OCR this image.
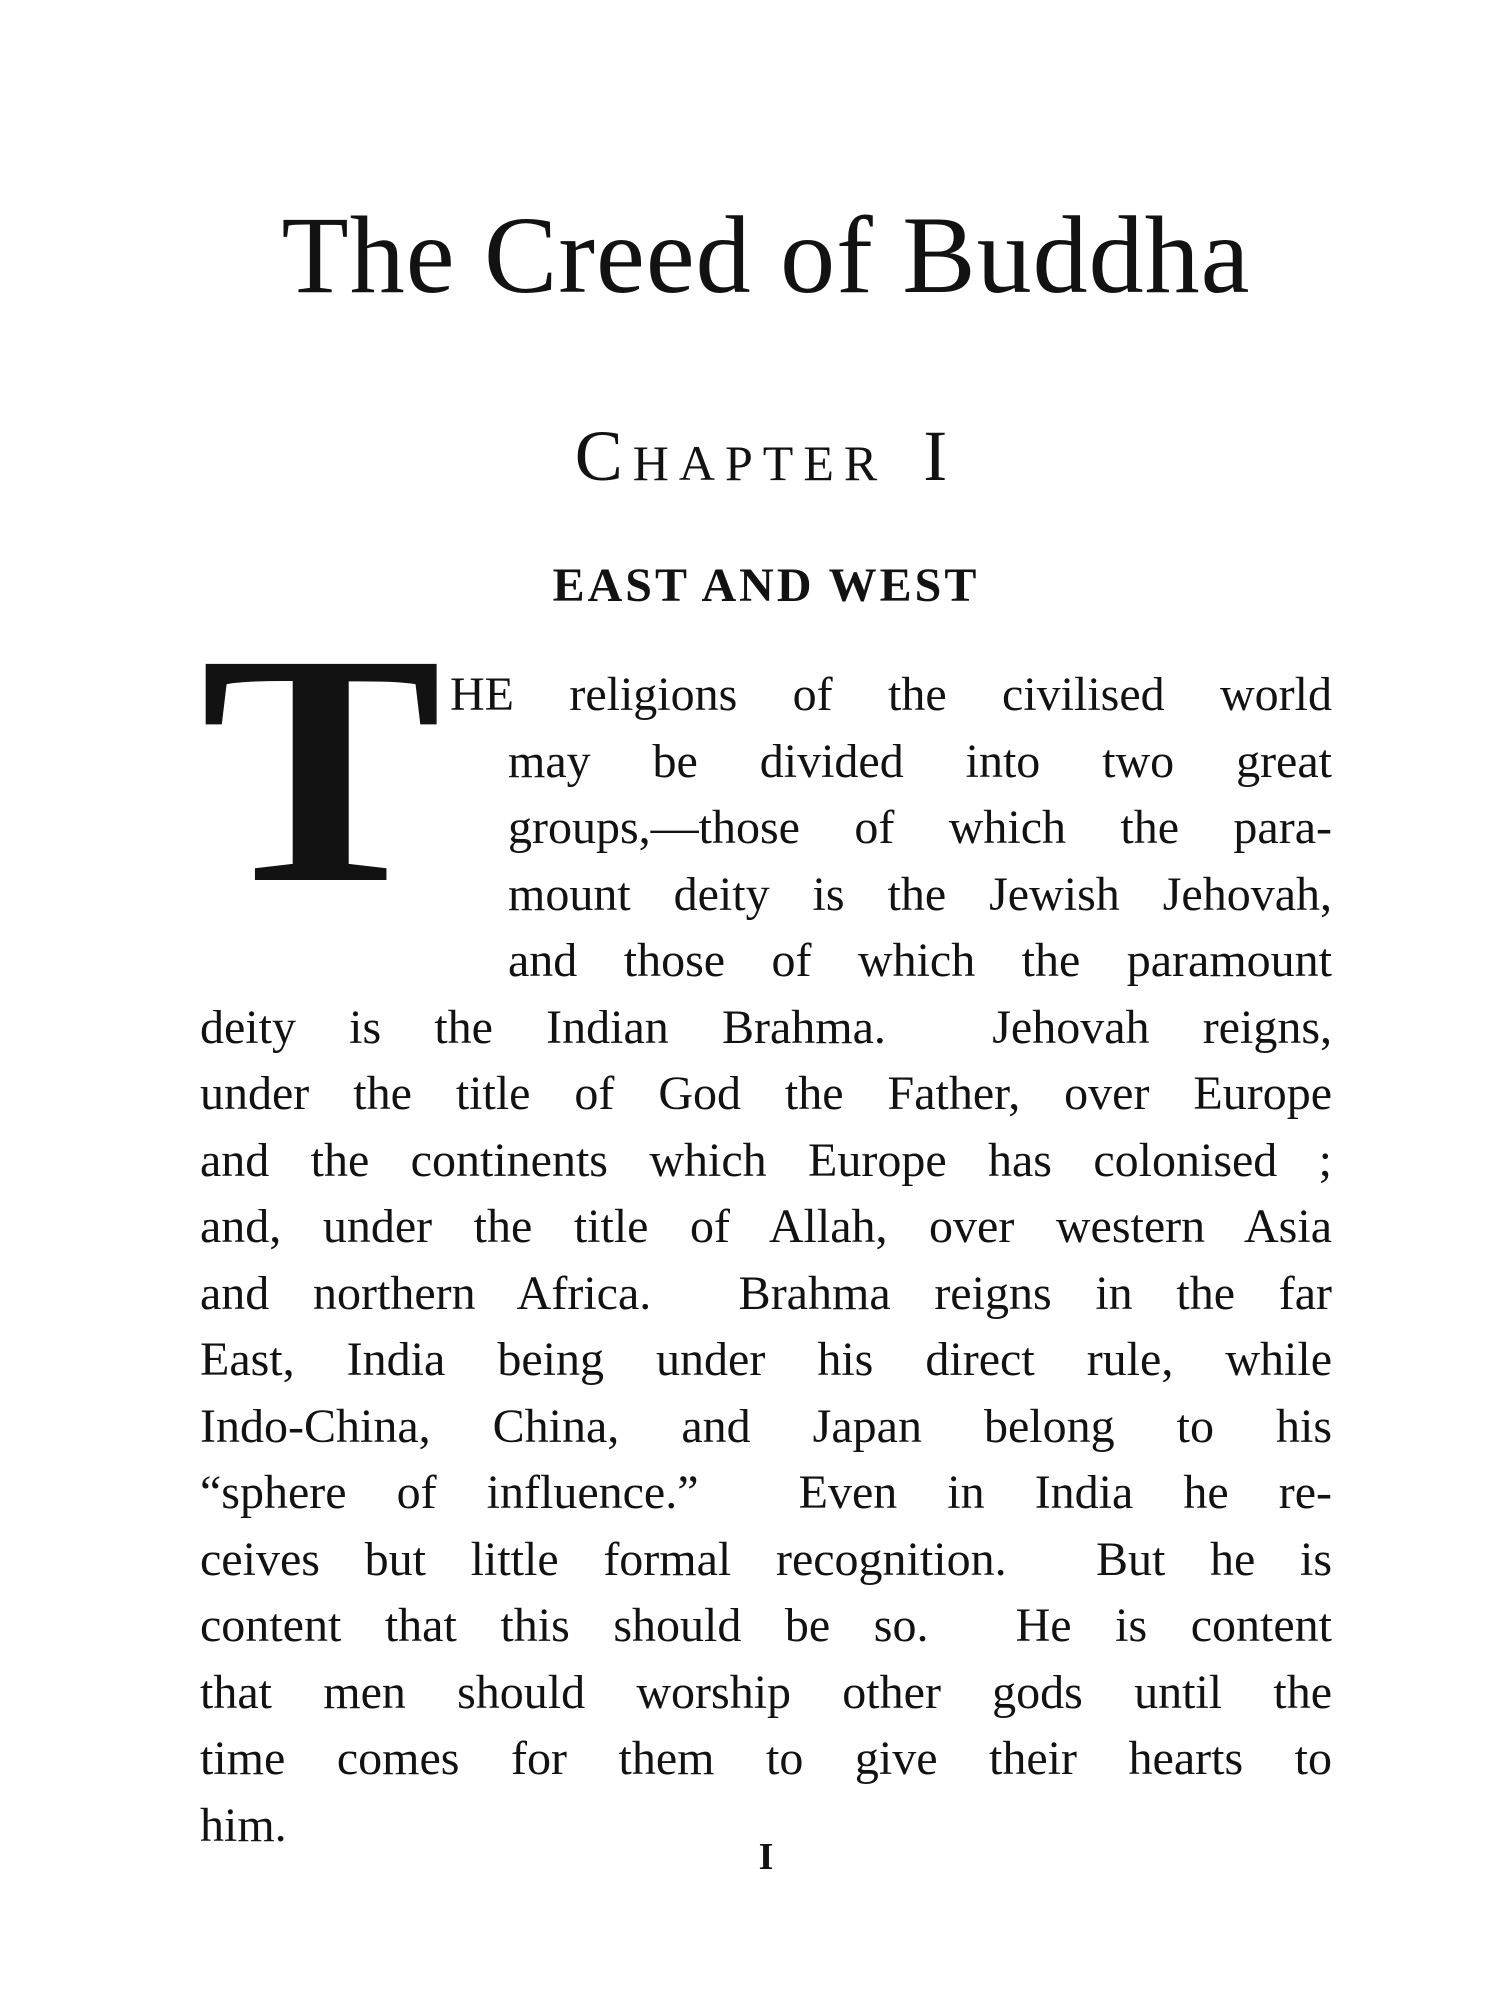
The Creed of Buddha
CHAPTER I
EAST AND WEST
T HE religions of the civilised world
may be divided into two great
groups,—those of which the para-
mount deity is the Jewish Jehovah,
and those of which the paramount
deity is the Indian Brahma.  Jehovah reigns,
under the title of God the Father, over Europe
and the continents which Europe has colonised ;
and, under the title of Allah, over western Asia
and northern Africa.  Brahma reigns in the far
East, India being under his direct rule, while
Indo-China, China, and Japan belong to his
“sphere of influence.”  Even in India he re-
ceives but little formal recognition.  But he is
content that this should be so.  He is content
that men should worship other gods until the
time comes for them to give their hearts to
him.
I
